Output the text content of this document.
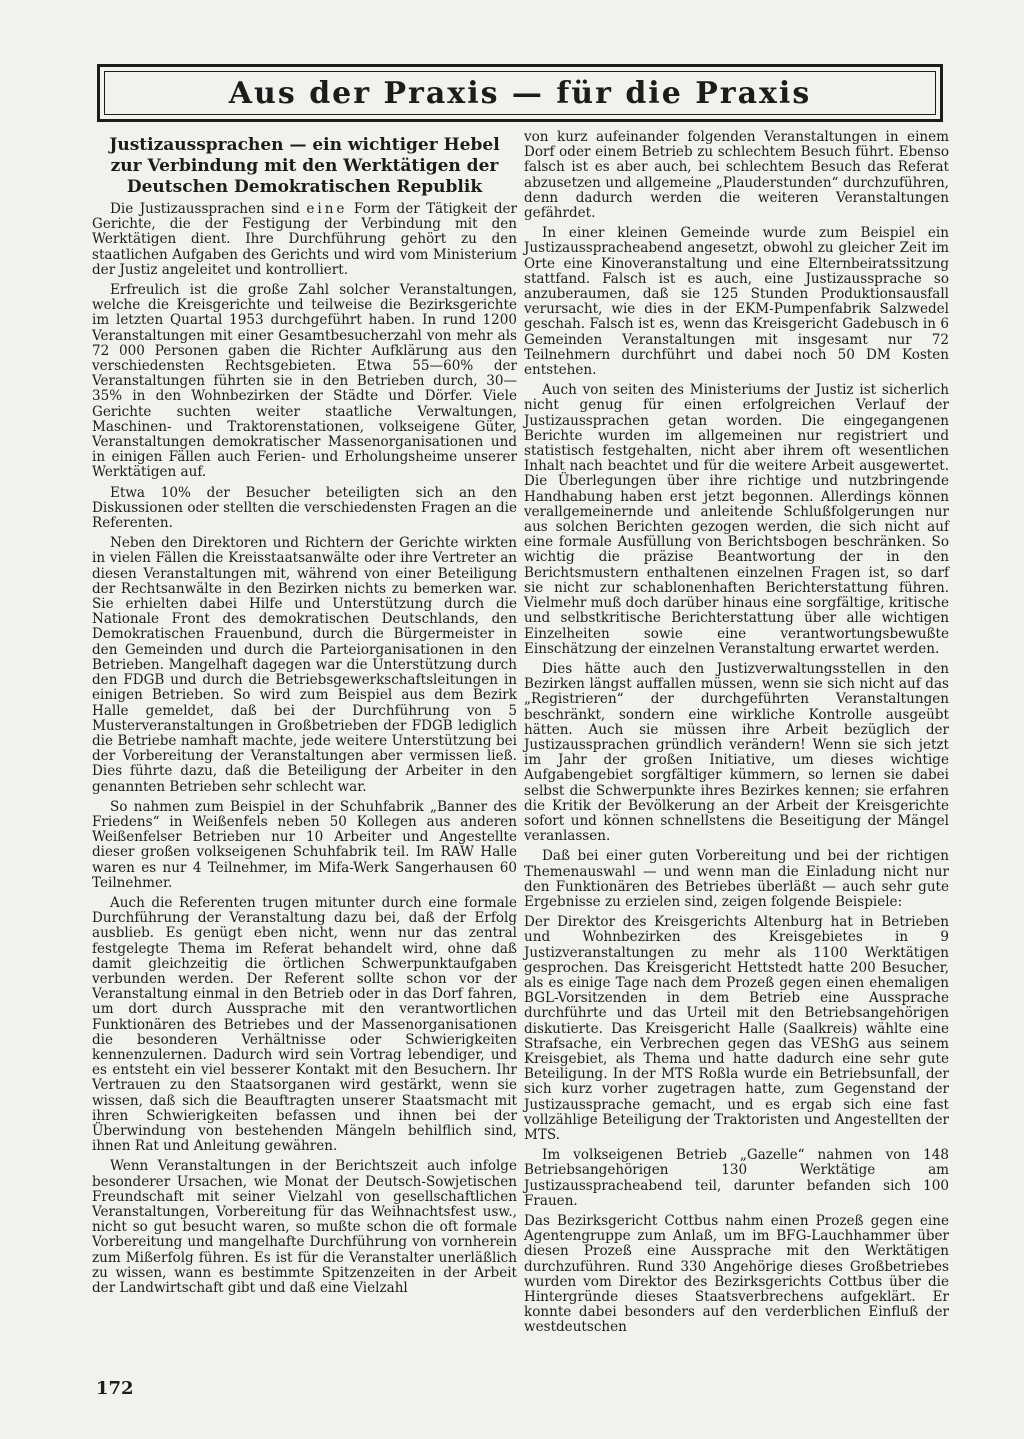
Aus der Praxis — für die Praxis
Justizaussprachen — ein wichtiger Hebel zur Verbindung mit den Werktätigen der Deutschen Demokratischen Republik

Die Justizaussprachen sind eine Form der Tätigkeit der Gerichte, die der Festigung der Verbindung mit den Werktätigen dient. Ihre Durchführung gehört zu den staatlichen Aufgaben des Gerichts und wird vom Ministerium der Justiz angeleitet und kontrolliert.

Erfreulich ist die große Zahl solcher Veranstaltungen, welche die Kreisgerichte und teilweise die Bezirksgerichte im letzten Quartal 1953 durchgeführt haben. In rund 1200 Veranstaltungen mit einer Gesamtbesucherzahl von mehr als 72 000 Personen gaben die Richter Aufklärung aus den verschiedensten Rechtsgebieten. Etwa 55—60% der Veranstaltungen führten sie in den Betrieben durch, 30—35% in den Wohnbezirken der Städte und Dörfer. Viele Gerichte suchten weiter staatliche Verwaltungen, Maschinen- und Traktorenstationen, volkseigene Güter, Veranstaltungen demokratischer Massenorganisationen und in einigen Fällen auch Ferien- und Erholungsheime unserer Werktätigen auf.

Etwa 10% der Besucher beteiligten sich an den Diskussionen oder stellten die verschiedensten Fragen an die Referenten.

Neben den Direktoren und Richtern der Gerichte wirkten in vielen Fällen die Kreisstaatsanwälte oder ihre Vertreter an diesen Veranstaltungen mit, während von einer Beteiligung der Rechtsanwälte in den Bezirken nichts zu bemerken war. Sie erhielten dabei Hilfe und Unterstützung durch die Nationale Front des demokratischen Deutschlands, den Demokratischen Frauenbund, durch die Bürgermeister in den Gemeinden und durch die Parteiorganisationen in den Betrieben. Mangelhaft dagegen war die Unterstützung durch den FDGB und durch die Betriebsgewerkschaftsleitungen in einigen Betrieben. So wird zum Beispiel aus dem Bezirk Halle gemeldet, daß bei der Durchführung von 5 Musterveranstaltungen in Großbetrieben der FDGB lediglich die Betriebe namhaft machte, jede weitere Unterstützung bei der Vorbereitung der Veranstaltungen aber vermissen ließ. Dies führte dazu, daß die Beteiligung der Arbeiter in den genannten Betrieben sehr schlecht war.

So nahmen zum Beispiel in der Schuhfabrik „Banner des Friedens“ in Weißenfels neben 50 Kollegen aus anderen Weißenfelser Betrieben nur 10 Arbeiter und Angestellte dieser großen volkseigenen Schuhfabrik teil. Im RAW Halle waren es nur 4 Teilnehmer, im Mifa-Werk Sangerhausen 60 Teilnehmer.

Auch die Referenten trugen mitunter durch eine formale Durchführung der Veranstaltung dazu bei, daß der Erfolg ausblieb. Es genügt eben nicht, wenn nur das zentral festgelegte Thema im Referat behandelt wird, ohne daß damit gleichzeitig die örtlichen Schwerpunktaufgaben verbunden werden. Der Referent sollte schon vor der Veranstaltung einmal in den Betrieb oder in das Dorf fahren, um dort durch Aussprache mit den verantwortlichen Funktionären des Betriebes und der Massenorganisationen die besonderen Verhältnisse oder Schwierigkeiten kennenzulernen. Dadurch wird sein Vortrag lebendiger, und es entsteht ein viel besserer Kontakt mit den Besuchern. Ihr Vertrauen zu den Staatsorganen wird gestärkt, wenn sie wissen, daß sich die Beauftragten unserer Staatsmacht mit ihren Schwierigkeiten befassen und ihnen bei der Überwindung von bestehenden Mängeln behilflich sind, ihnen Rat und Anleitung gewähren.

Wenn Veranstaltungen in der Berichtszeit auch infolge besonderer Ursachen, wie Monat der Deutsch-Sowjetischen Freundschaft mit seiner Vielzahl von gesellschaftlichen Veranstaltungen, Vorbereitung für das Weihnachtsfest usw., nicht so gut besucht waren, so mußte schon die oft formale Vorbereitung und mangelhafte Durchführung von vornherein zum Mißerfolg führen. Es ist für die Veranstalter unerläßlich zu wissen, wann es bestimmte Spitzenzeiten in der Arbeit der Landwirtschaft gibt und daß eine Vielzahl

von kurz aufeinander folgenden Veranstaltungen in einem Dorf oder einem Betrieb zu schlechtem Besuch führt. Ebenso falsch ist es aber auch, bei schlechtem Besuch das Referat abzusetzen und allgemeine „Plauderstunden“ durchzuführen, denn dadurch werden die weiteren Veranstaltungen gefährdet.

In einer kleinen Gemeinde wurde zum Beispiel ein Justizausspracheabend angesetzt, obwohl zu gleicher Zeit im Orte eine Kinoveranstaltung und eine Elternbeiratssitzung stattfand. Falsch ist es auch, eine Justizaussprache so anzuberaumen, daß sie 125 Stunden Produktionsausfall verursacht, wie dies in der EKM-Pumpenfabrik Salzwedel geschah. Falsch ist es, wenn das Kreisgericht Gadebusch in 6 Gemeinden Veranstaltungen mit insgesamt nur 72 Teilnehmern durchführt und dabei noch 50 DM Kosten entstehen.

Auch von seiten des Ministeriums der Justiz ist sicherlich nicht genug für einen erfolgreichen Verlauf der Justizaussprachen getan worden. Die eingegangenen Berichte wurden im allgemeinen nur registriert und statistisch festgehalten, nicht aber ihrem oft wesentlichen Inhalt nach beachtet und für die weitere Arbeit ausgewertet. Die Überlegungen über ihre richtige und nutzbringende Handhabung haben erst jetzt begonnen. Allerdings können verallgemeinernde und anleitende Schlußfolgerungen nur aus solchen Berichten gezogen werden, die sich nicht auf eine formale Ausfüllung von Berichtsbogen beschränken. So wichtig die präzise Beantwortung der in den Berichtsmustern enthaltenen einzelnen Fragen ist, so darf sie nicht zur schablonenhaften Berichterstattung führen. Vielmehr muß doch darüber hinaus eine sorgfältige, kritische und selbstkritische Berichterstattung über alle wichtigen Einzelheiten sowie eine verantwortungsbewußte Einschätzung der einzelnen Veranstaltung erwartet werden.

Dies hätte auch den Justizverwaltungsstellen in den Bezirken längst auffallen müssen, wenn sie sich nicht auf das „Registrieren“ der durchgeführten Veranstaltungen beschränkt, sondern eine wirkliche Kontrolle ausgeübt hätten. Auch sie müssen ihre Arbeit bezüglich der Justizaussprachen gründlich verändern! Wenn sie sich jetzt im Jahr der großen Initiative, um dieses wichtige Aufgabengebiet sorgfältiger kümmern, so lernen sie dabei selbst die Schwerpunkte ihres Bezirkes kennen; sie erfahren die Kritik der Bevölkerung an der Arbeit der Kreisgerichte sofort und können schnellstens die Beseitigung der Mängel veranlassen.

Daß bei einer guten Vorbereitung und bei der richtigen Themenauswahl — und wenn man die Einladung nicht nur den Funktionären des Betriebes überläßt — auch sehr gute Ergebnisse zu erzielen sind, zeigen folgende Beispiele:

Der Direktor des Kreisgerichts Altenburg hat in Betrieben und Wohnbezirken des Kreisgebietes in 9 Justizveranstaltungen zu mehr als 1100 Werktätigen gesprochen. Das Kreisgericht Hettstedt hatte 200 Besucher, als es einige Tage nach dem Prozeß gegen einen ehemaligen BGL-Vorsitzenden in dem Betrieb eine Aussprache durchführte und das Urteil mit den Betriebsangehörigen diskutierte. Das Kreisgericht Halle (Saalkreis) wählte eine Strafsache, ein Verbrechen gegen das VEShG aus seinem Kreisgebiet, als Thema und hatte dadurch eine sehr gute Beteiligung. In der MTS Roßla wurde ein Betriebsunfall, der sich kurz vorher zugetragen hatte, zum Gegenstand der Justizaussprache gemacht, und es ergab sich eine fast vollzählige Beteiligung der Traktoristen und Angestellten der MTS.

Im volkseigenen Betrieb „Gazelle“ nahmen von 148 Betriebsangehörigen 130 Werktätige am Justizausspracheabend teil, darunter befanden sich 100 Frauen.

Das Bezirksgericht Cottbus nahm einen Prozeß gegen eine Agentengruppe zum Anlaß, um im BFG-Lauchhammer über diesen Prozeß eine Aussprache mit den Werktätigen durchzuführen. Rund 330 Angehörige dieses Großbetriebes wurden vom Direktor des Bezirksgerichts Cottbus über die Hintergründe dieses Staatsverbrechens aufgeklärt. Er konnte dabei besonders auf den verderblichen Einfluß der westdeutschen

172
